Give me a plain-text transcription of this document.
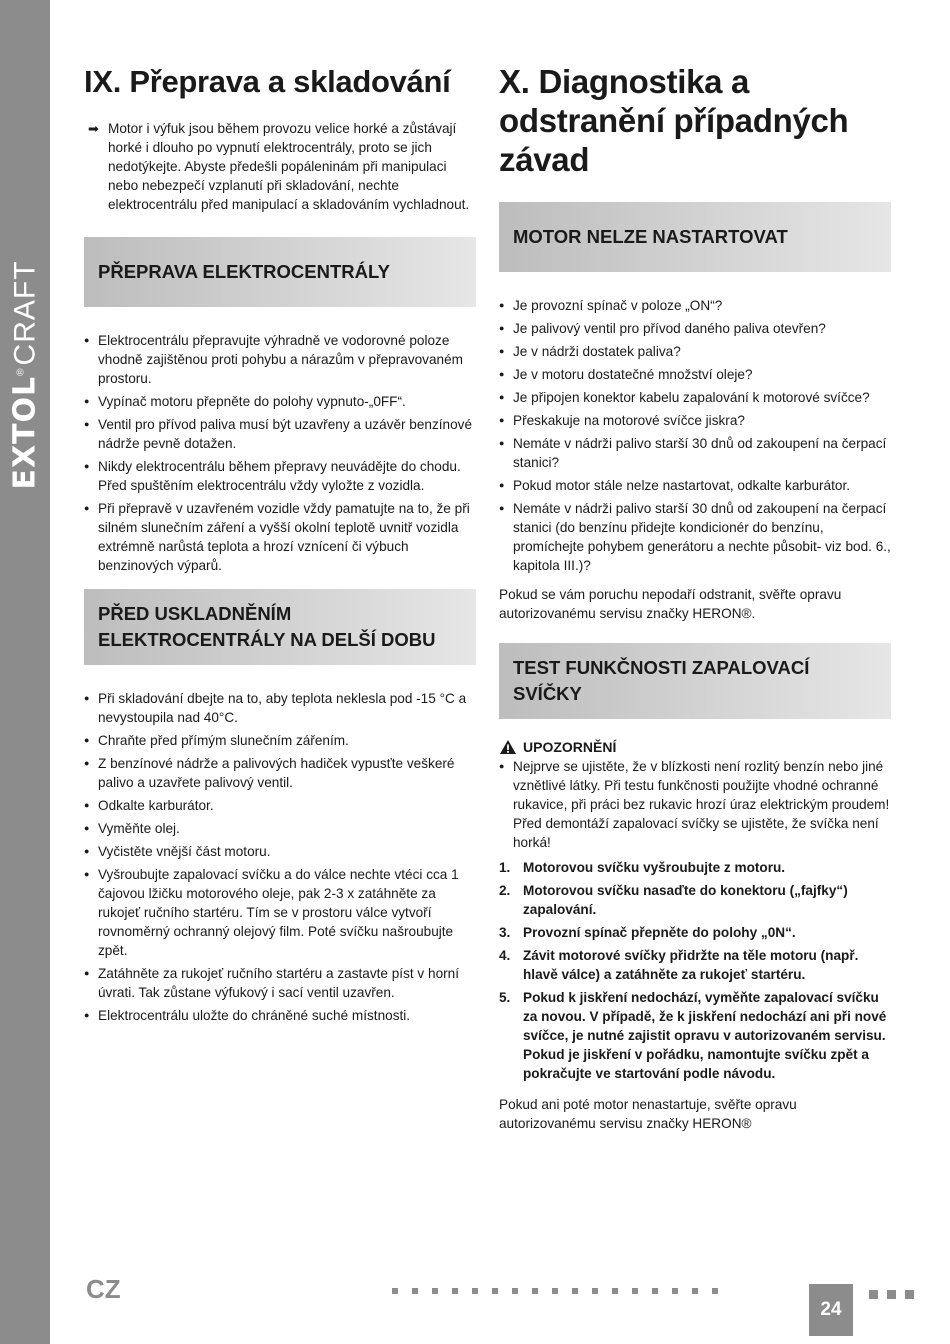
EXTOL®CRAFT
IX. Přeprava a skladování
➡ Motor i výfuk jsou během provozu velice horké a zůstávají horké i dlouho po vypnutí elektrocentrály, proto se jich nedotýkejte. Abyste předešli popáleninám při manipulaci nebo nebezpečí vzplanutí při skladování, nechte elektrocentrálu před manipulací a skladováním vychladnout.
PŘEPRAVA ELEKTROCENTRÁLY
● Elektrocentrálu přepravujte výhradně ve vodorovné poloze vhodně zajištěnou proti pohybu a nárazům v přepravovaném prostoru.
● Vypínač motoru přepněte do polohy vypnuto-„0FF“.
● Ventil pro přívod paliva musí být uzavřeny a uzávěr benzínové nádrže pevně dotažen.
● Nikdy elektrocentrálu během přepravy neuvádějte do chodu. Před spuštěním elektrocentrálu vždy vyložte z vozidla.
● Při přepravě v uzavřeném vozidle vždy pamatujte na to, že při silném slunečním záření a vyšší okolní teplotě uvnitř vozidla extrémně narůstá teplota a hrozí vznícení či výbuch benzinových výparů.
PŘED USKLADNĚNÍM ELEKTROCENTRÁLY NA DELŠÍ DOBU
● Při skladování dbejte na to, aby teplota neklesla pod -15 °C a nevystoupila nad 40°C.
● Chraňte před přímým slunečním zářením.
● Z benzínové nádrže a palivových hadiček vypusťte veškeré palivo a uzavřete palivový ventil.
● Odkalte karburátor.
● Vyměňte olej.
● Vyčistěte vnější část motoru.
● Vyšroubujte zapalovací svíčku a do válce nechte vtéci cca 1 čajovou lžičku motorového oleje, pak 2-3 x zatáhněte za rukojeť ručního startéru. Tím se v prostoru válce vytvoří rovnoměrný ochranný olejový film. Poté svíčku našroubujte zpět.
● Zatáhněte za rukojeť ručního startéru a zastavte píst v horní úvrati. Tak zůstane výfukový i sací ventil uzavřen.
● Elektrocentrálu uložte do chráněné suché místnosti.
X. Diagnostika a odstranění případných závad
MOTOR NELZE NASTARTOVAT
● Je provozní spínač v poloze „ON“?
● Je palivový ventil pro přívod daného paliva otevřen?
● Je v nádrži dostatek paliva?
● Je v motoru dostatečné množství oleje?
● Je připojen konektor kabelu zapalování k motorové svíčce?
● Přeskakuje na motorové svíčce jiskra?
● Nemáte v nádrži palivo starší 30 dnů od zakoupení na čerpací stanici?
● Pokud motor stále nelze nastartovat, odkalte karburátor.
● Nemáte v nádrži palivo starší 30 dnů od zakoupení na čerpací stanici (do benzínu přidejte kondicionér do benzínu, promíchejte pohybem generátoru a nechte působit- viz bod. 6., kapitola III.)?
Pokud se vám poruchu nepodaří odstranit, svěřte opravu autorizovanému servisu značky HERON®.
TEST FUNKČNOSTI ZAPALOVACÍ SVÍČKY
UPOZORNĚNÍ
● Nejprve se ujistěte, že v blízkosti není rozlitý benzín nebo jiné vznětlivé látky. Při testu funkčnosti použijte vhodné ochranné rukavice, při práci bez rukavic hrozí úraz elektrickým proudem! Před demontáží zapalovací svíčky se ujistěte, že svíčka není horká!
1. Motorovou svíčku vyšroubujte z motoru.
2. Motorovou svíčku nasaďte do konektoru („fajfky“) zapalování.
3. Provozní spínač přepněte do polohy „0N“.
4. Závit motorové svíčky přidržte na těle motoru (např. hlavě válce) a zatáhněte za rukojeť startéru.
5. Pokud k jiskření nedochází, vyměňte zapalovací svíčku za novou. V případě, že k jiskření nedochází ani při nové svíčce, je nutné zajistit opravu v autorizovaném servisu. Pokud je jiskření v pořádku, namontujte svíčku zpět a pokračujte ve startování podle návodu.
Pokud ani poté motor nenastartuje, svěřte opravu autorizovanému servisu značky HERON®
CZ
24
